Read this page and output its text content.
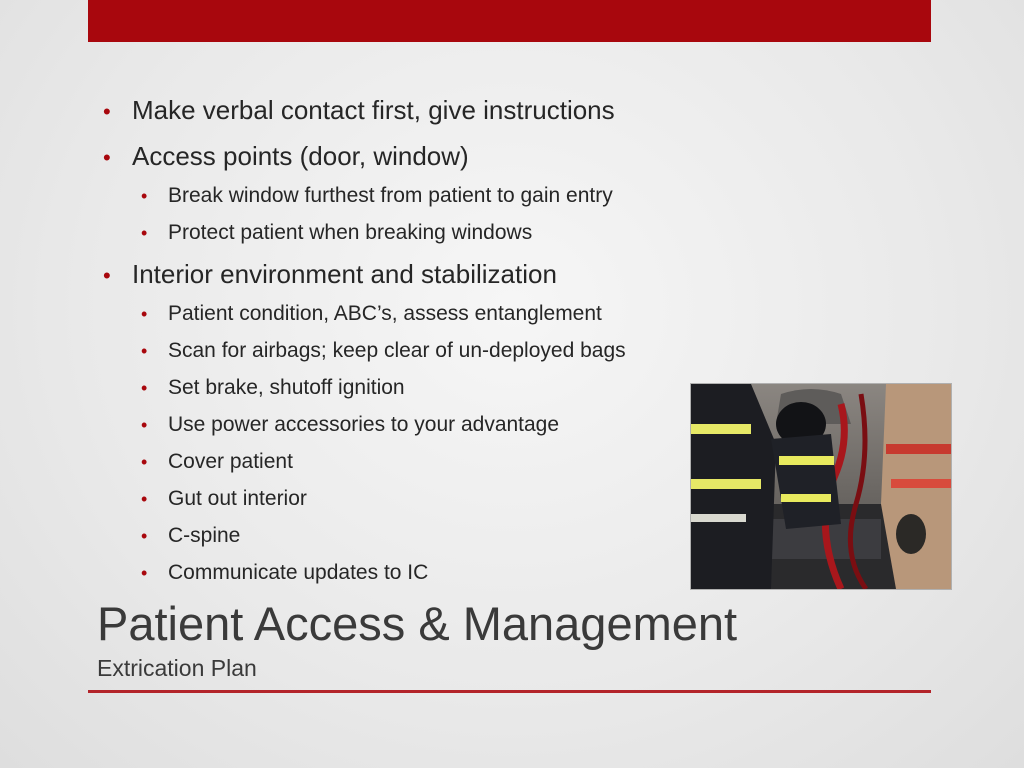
• Make verbal contact first, give instructions
• Access points (door, window)
• Break window furthest from patient to gain entry
• Protect patient when breaking windows
• Interior environment and stabilization
• Patient condition, ABC’s, assess entanglement
• Scan for airbags; keep clear of un-deployed bags
• Set brake, shutoff ignition
• Use power accessories to your advantage
• Cover patient
• Gut out interior
• C-spine
• Communicate updates to IC
Patient Access & Management
Extrication Plan
